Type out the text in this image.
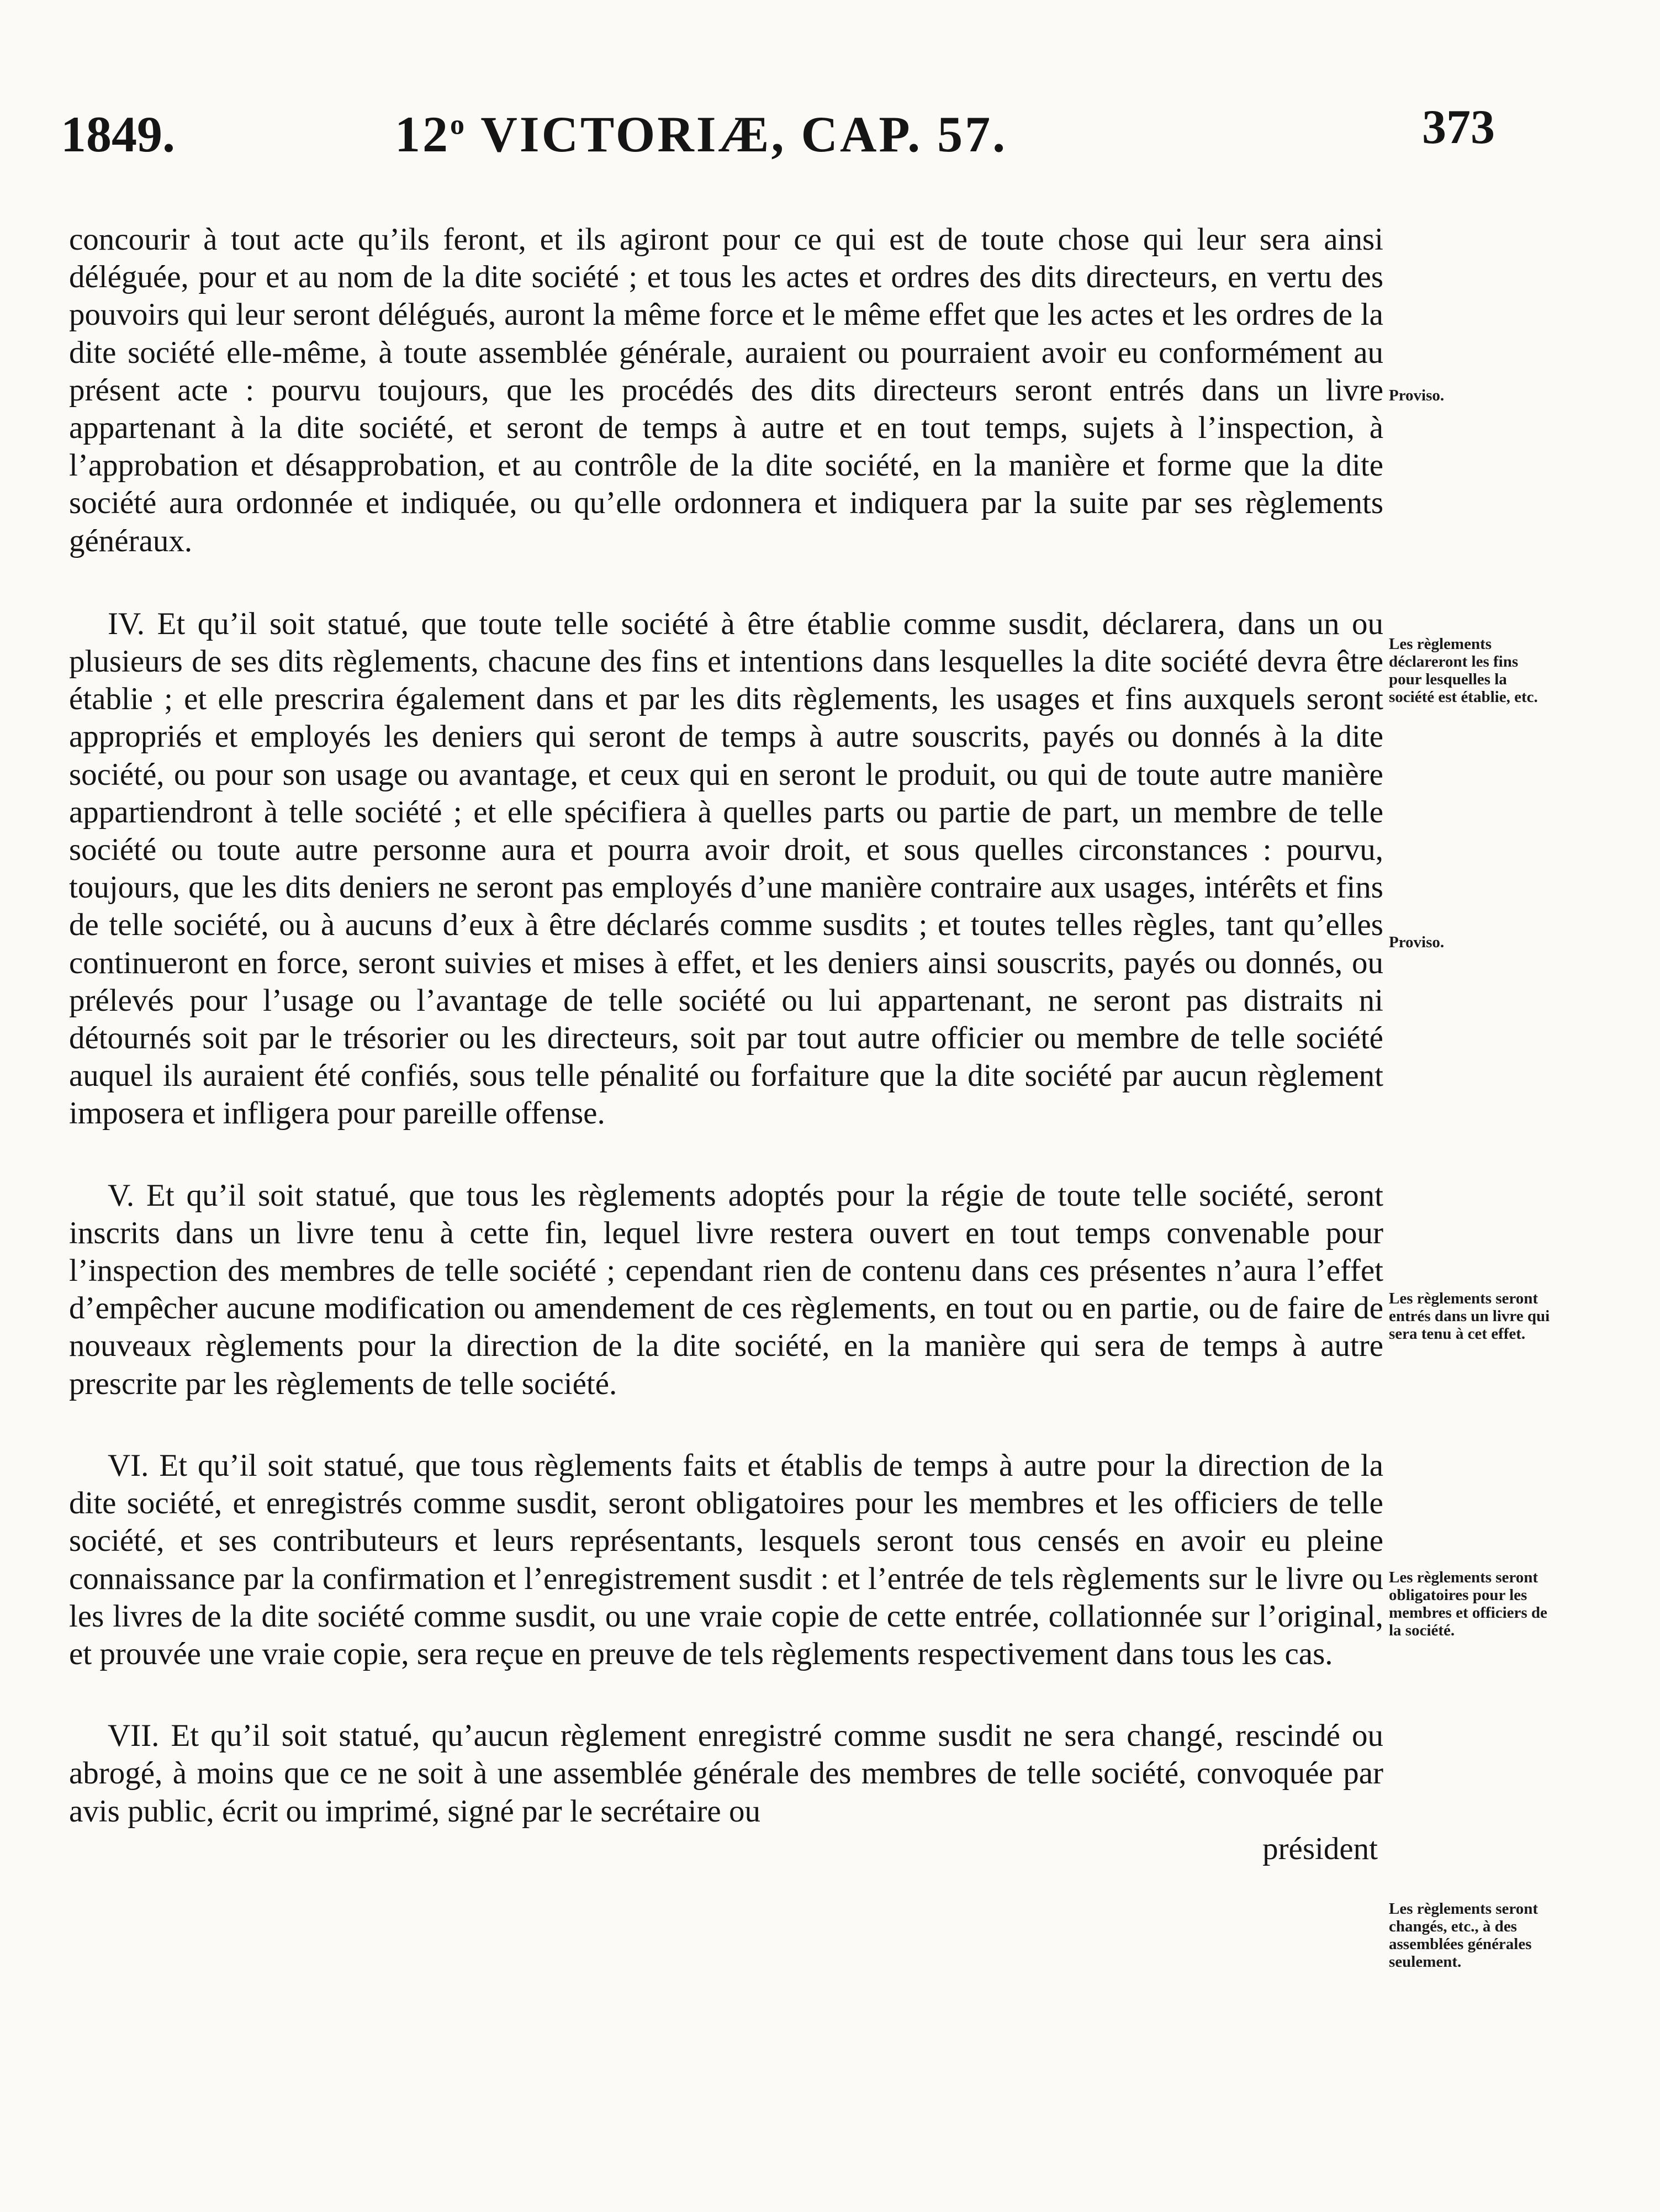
1849.	12$^o$ VICTORIÆ, CAP. 57.	373

concourir à tout acte qu’ils feront, et ils agiront pour ce qui est de toute chose qui leur sera ainsi déléguée, pour et au nom de la dite société ; et tous les actes et ordres des dits directeurs, en vertu des pouvoirs qui leur seront délégués, auront la même force et le même effet que les actes et les ordres de la dite société elle-même, à toute assemblée générale, auraient ou pourraient avoir eu conformément au présent acte : pourvu toujours, que les procédés des dits directeurs seront entrés dans un livre appartenant à la dite société, et seront de temps à autre et en tout temps, sujets à l’inspection, à l’approbation et désapprobation, et au contrôle de la dite société, en la manière et forme que la dite société aura ordonnée et indiquée, ou qu’elle ordonnera et indiquera par la suite par ses règlements généraux.

IV. Et qu’il soit statué, que toute telle société à être établie comme susdit, déclarera, dans un ou plusieurs de ses dits règlements, chacune des fins et intentions dans lesquelles la dite société devra être établie ; et elle prescrira également dans et par les dits règlements, les usages et fins auxquels seront appropriés et employés les deniers qui seront de temps à autre souscrits, payés ou donnés à la dite société, ou pour son usage ou avantage, et ceux qui en seront le produit, ou qui de toute autre manière appartiendront à telle société ; et elle spécifiera à quelles parts ou partie de part, un membre de telle société ou toute autre personne aura et pourra avoir droit, et sous quelles circonstances : pourvu, toujours, que les dits deniers ne seront pas employés d’une manière contraire aux usages, intérêts et fins de telle société, ou à aucuns d’eux à être déclarés comme susdits ; et toutes telles règles, tant qu’elles continueront en force, seront suivies et mises à effet, et les deniers ainsi souscrits, payés ou donnés, ou prélevés pour l’usage ou l’avantage de telle société ou lui appartenant, ne seront pas distraits ni détournés soit par le trésorier ou les directeurs, soit par tout autre officier ou membre de telle société auquel ils auraient été confiés, sous telle pénalité ou forfaiture que la dite société par aucun règlement imposera et infligera pour pareille offense.

V. Et qu’il soit statué, que tous les règlements adoptés pour la régie de toute telle société, seront inscrits dans un livre tenu à cette fin, lequel livre restera ouvert en tout temps convenable pour l’inspection des membres de telle société ; cependant rien de contenu dans ces présentes n’aura l’effet d’empêcher aucune modification ou amendement de ces règlements, en tout ou en partie, ou de faire de nouveaux règlements pour la direction de la dite société, en la manière qui sera de temps à autre prescrite par les règlements de telle société.

VI. Et qu’il soit statué, que tous règlements faits et établis de temps à autre pour la direction de la dite société, et enregistrés comme susdit, seront obligatoires pour les membres et les officiers de telle société, et ses contributeurs et leurs représentants, lesquels seront tous censés en avoir eu pleine connaissance par la confirmation et l’enregistrement susdit : et l’entrée de tels règlements sur le livre ou les livres de la dite société comme susdit, ou une vraie copie de cette entrée, collationnée sur l’original, et prouvée une vraie copie, sera reçue en preuve de tels règlements respectivement dans tous les cas.

VII. Et qu’il soit statué, qu’aucun règlement enregistré comme susdit ne sera changé, rescindé ou abrogé, à moins que ce ne soit à une assemblée générale des membres de telle société, convoquée par avis public, écrit ou imprimé, signé par le secrétaire ou

président
Proviso.
Les règlements déclareront les fins pour lesquelles la société est établie, etc.
Proviso.
Les règlements seront entrés dans un livre qui sera tenu à cet effet.
Les règlements seront obligatoires pour les membres et officiers de la société.
Les règlements seront changés, etc., à des assemblées générales seulement.
